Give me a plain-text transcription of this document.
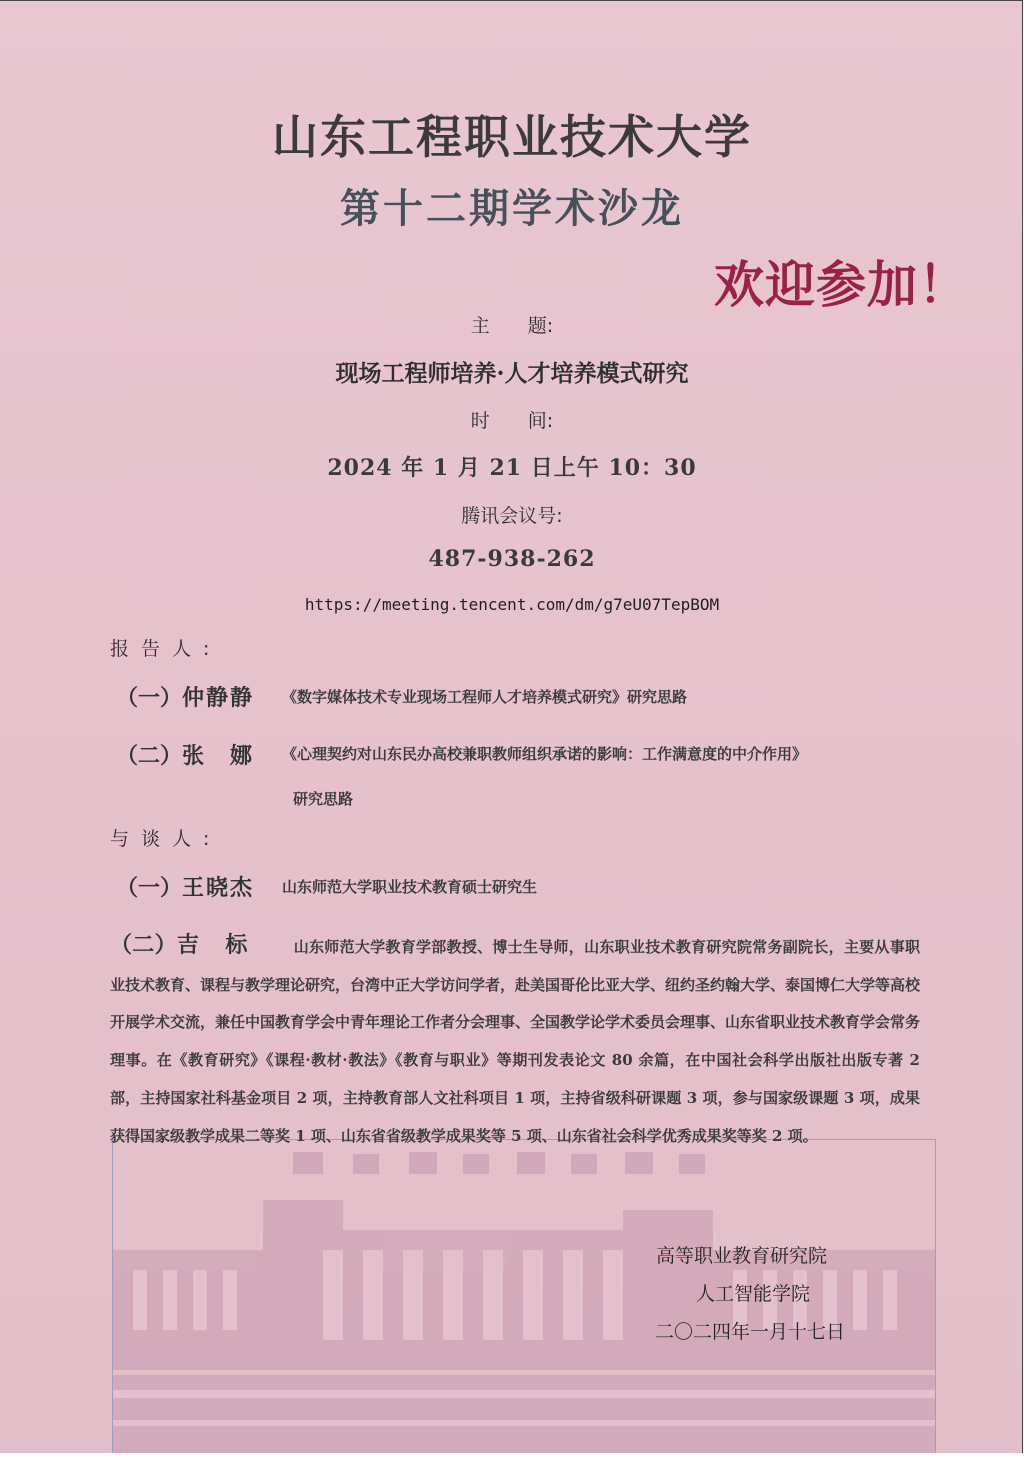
山东工程职业技术大学
第十二期学术沙龙
欢迎参加！
主　　题:
现场工程师培养·人才培养模式研究
时　　间:
2024 年 1 月 21 日上午 10：30
腾讯会议号:
487-938-262
https://meeting.tencent.com/dm/g7eU07TepBOM
报告人:
（一）仲静静 《数字媒体技术专业现场工程师人才培养模式研究》研究思路
（二）张　娜 《心理契约对山东民办高校兼职教师组织承诺的影响：工作满意度的中介作用》
研究思路
与谈人:
（一）王晓杰 山东师范大学职业技术教育硕士研究生
（二）吉　标	山东师范大学教育学部教授、博士生导师，山东职业技术教育研究院常务副院长，主要从事职业技术教育、课程与教学理论研究，台湾中正大学访问学者，赴美国哥伦比亚大学、纽约圣约翰大学、泰国博仁大学等高校开展学术交流，兼任中国教育学会中青年理论工作者分会理事、全国教学论学术委员会理事、山东省职业技术教育学会常务理事。在《教育研究》《课程·教材·教法》《教育与职业》等期刊发表论文 80 余篇，在中国社会科学出版社出版专著 2 部，主持国家社科基金项目 2 项，主持教育部人文社科项目 1 项，主持省级科研课题 3 项，参与国家级课题 3 项，成果获得国家级教学成果二等奖 1 项、山东省省级教学成果奖等 5 项、山东省社会科学优秀成果奖等奖 2 项。
高等职业教育研究院
人工智能学院
二〇二四年一月十七日
